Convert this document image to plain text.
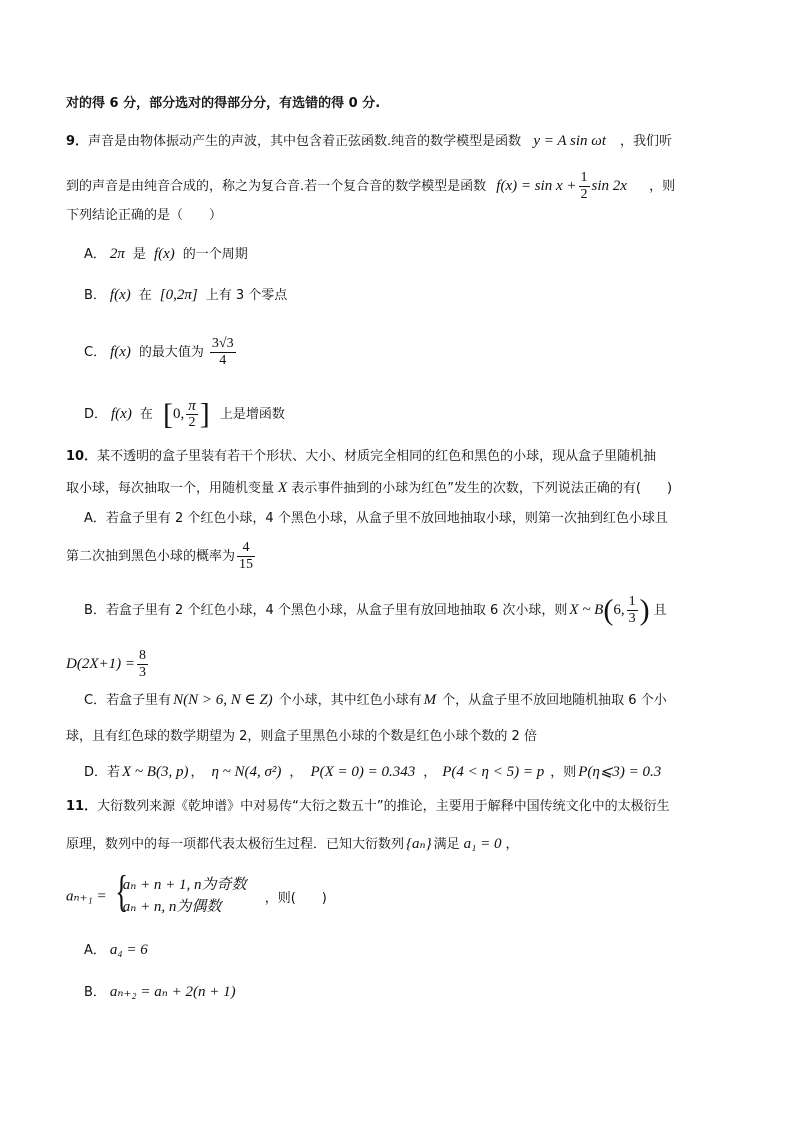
对的得 6 分，部分选对的得部分分，有选错的得 0 分.
9．声音是由物体振动产生的声波，其中包含着正弦函数.纯音的数学模型是函数 y = A sin ωt ，我们听
到的声音是由纯音合成的，称之为复合音.若一个复合音的数学模型是函数 $f(x) = \sin x + \frac{1}{2}$ sin 2x ，则
下列结论正确的是（　　）
A． 2π 是 f(x) 的一个周期
B． f(x) 在 [0,2π] 上有 3 个零点
C． f(x) 的最大值为 $\frac{3√3}{4}$
D． f(x) 在 [0, $\frac{\pi}{2}$ ] 上是增函数
10．某不透明的盒子里装有若干个形状、大小、材质完全相同的红色和黑色的小球，现从盒子里随机抽
取小球，每次抽取一个，用随机变量 X 表示事件抽到的小球为红色”发生的次数，下列说法正确的有(　　)
A．若盒子里有 2 个红色小球，4 个黑色小球，从盒子里不放回地抽取小球，则第一次抽到红色小球且
第二次抽到黑色小球的概率为 $\frac{4}{15}$
B．若盒子里有 2 个红色小球，4 个黑色小球，从盒子里有放回地抽取 6 次小球，则 X ~ B(6, $\frac{1}{3}$ ) 且
$D(2X+1) = \frac{8}{3}$
C．若盒子里有 N(N > 6, N ∈ Z) 个小球，其中红色小球有 M 个，从盒子里不放回地随机抽取 6 个小
球，且有红色球的数学期望为 2，则盒子里黑色小球的个数是红色小球个数的 2 倍
D．若 X ~ B(3, p) ， η ~ N(4, σ²) ， P(X = 0) = 0.343 ， P(4 < η < 5) = p ，则 P(η⩽3) = 0.3
11．大衍数列来源《乾坤谱》中对易传“大衍之数五十”的推论，主要用于解释中国传统文化中的太极衍生
原理，数列中的每一项都代表太极衍生过程．已知大衍数列 {aₙ} 满足 a₁ = 0 ，
aₙ₊₁ = {
aₙ + n + 1, n为奇数
aₙ + n, n为偶数
，则(　　)
A． a₄ = 6
B． aₙ₊₂ = aₙ + 2(n + 1)
